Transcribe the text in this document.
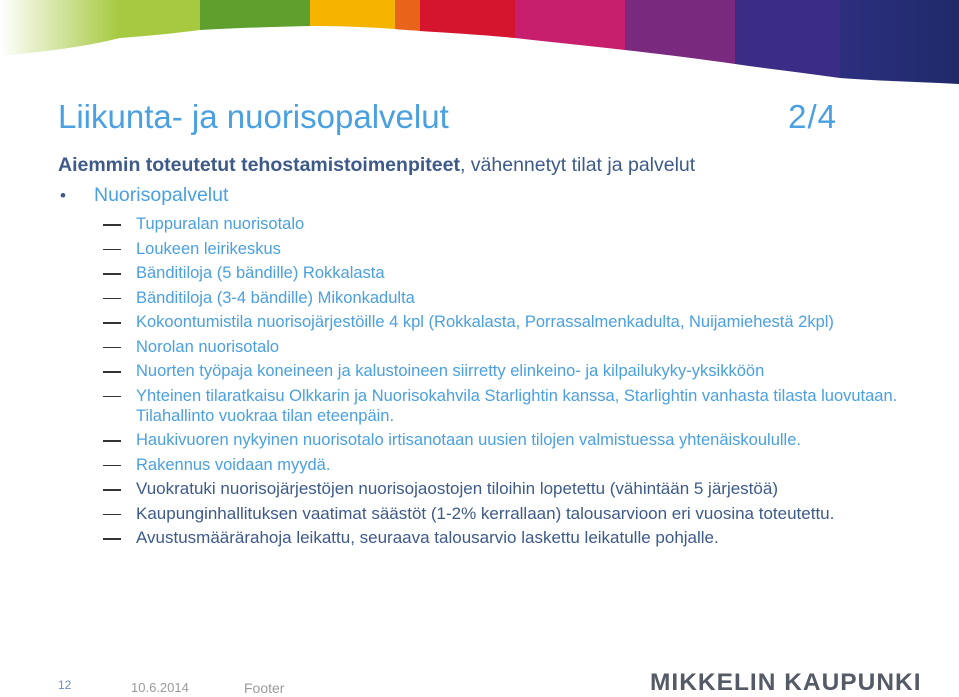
Liikunta- ja nuorisopalvelut	2/4
Aiemmin toteutetut tehostamistoimenpiteet, vähennetyt tilat ja palvelut
• Nuorisopalvelut
Tuppuralan nuorisotalo
Loukeen leirikeskus
Bänditiloja (5 bändille) Rokkalasta
Bänditiloja (3-4 bändille) Mikonkadulta
Kokoontumistila nuorisojärjestöille 4 kpl (Rokkalasta, Porrassalmenkadulta, Nuijamiehestä 2kpl)
Norolan nuorisotalo
Nuorten työpaja koneineen ja kalustoineen siirretty elinkeino- ja kilpailukyky-yksikköön
Yhteinen tilaratkaisu Olkkarin ja Nuorisokahvila Starlightin kanssa, Starlightin vanhasta tilasta luovutaan. Tilahallinto vuokraa tilan eteenpäin.
Haukivuoren nykyinen nuorisotalo irtisanotaan uusien tilojen valmistuessa yhtenäiskoululle.
Rakennus voidaan myydä.
Vuokratuki nuorisojärjestöjen nuorisojaostojen tiloihin lopetettu (vähintään 5 järjestöä)
Kaupunginhallituksen vaatimat säästöt (1-2% kerrallaan) talousarvioon eri vuosina toteutettu.
Avustusmäärärahoja leikattu, seuraava talousarvio laskettu leikatulle pohjalle.
12	10.6.2014	Footer	MIKKELIN KAUPUNKI
